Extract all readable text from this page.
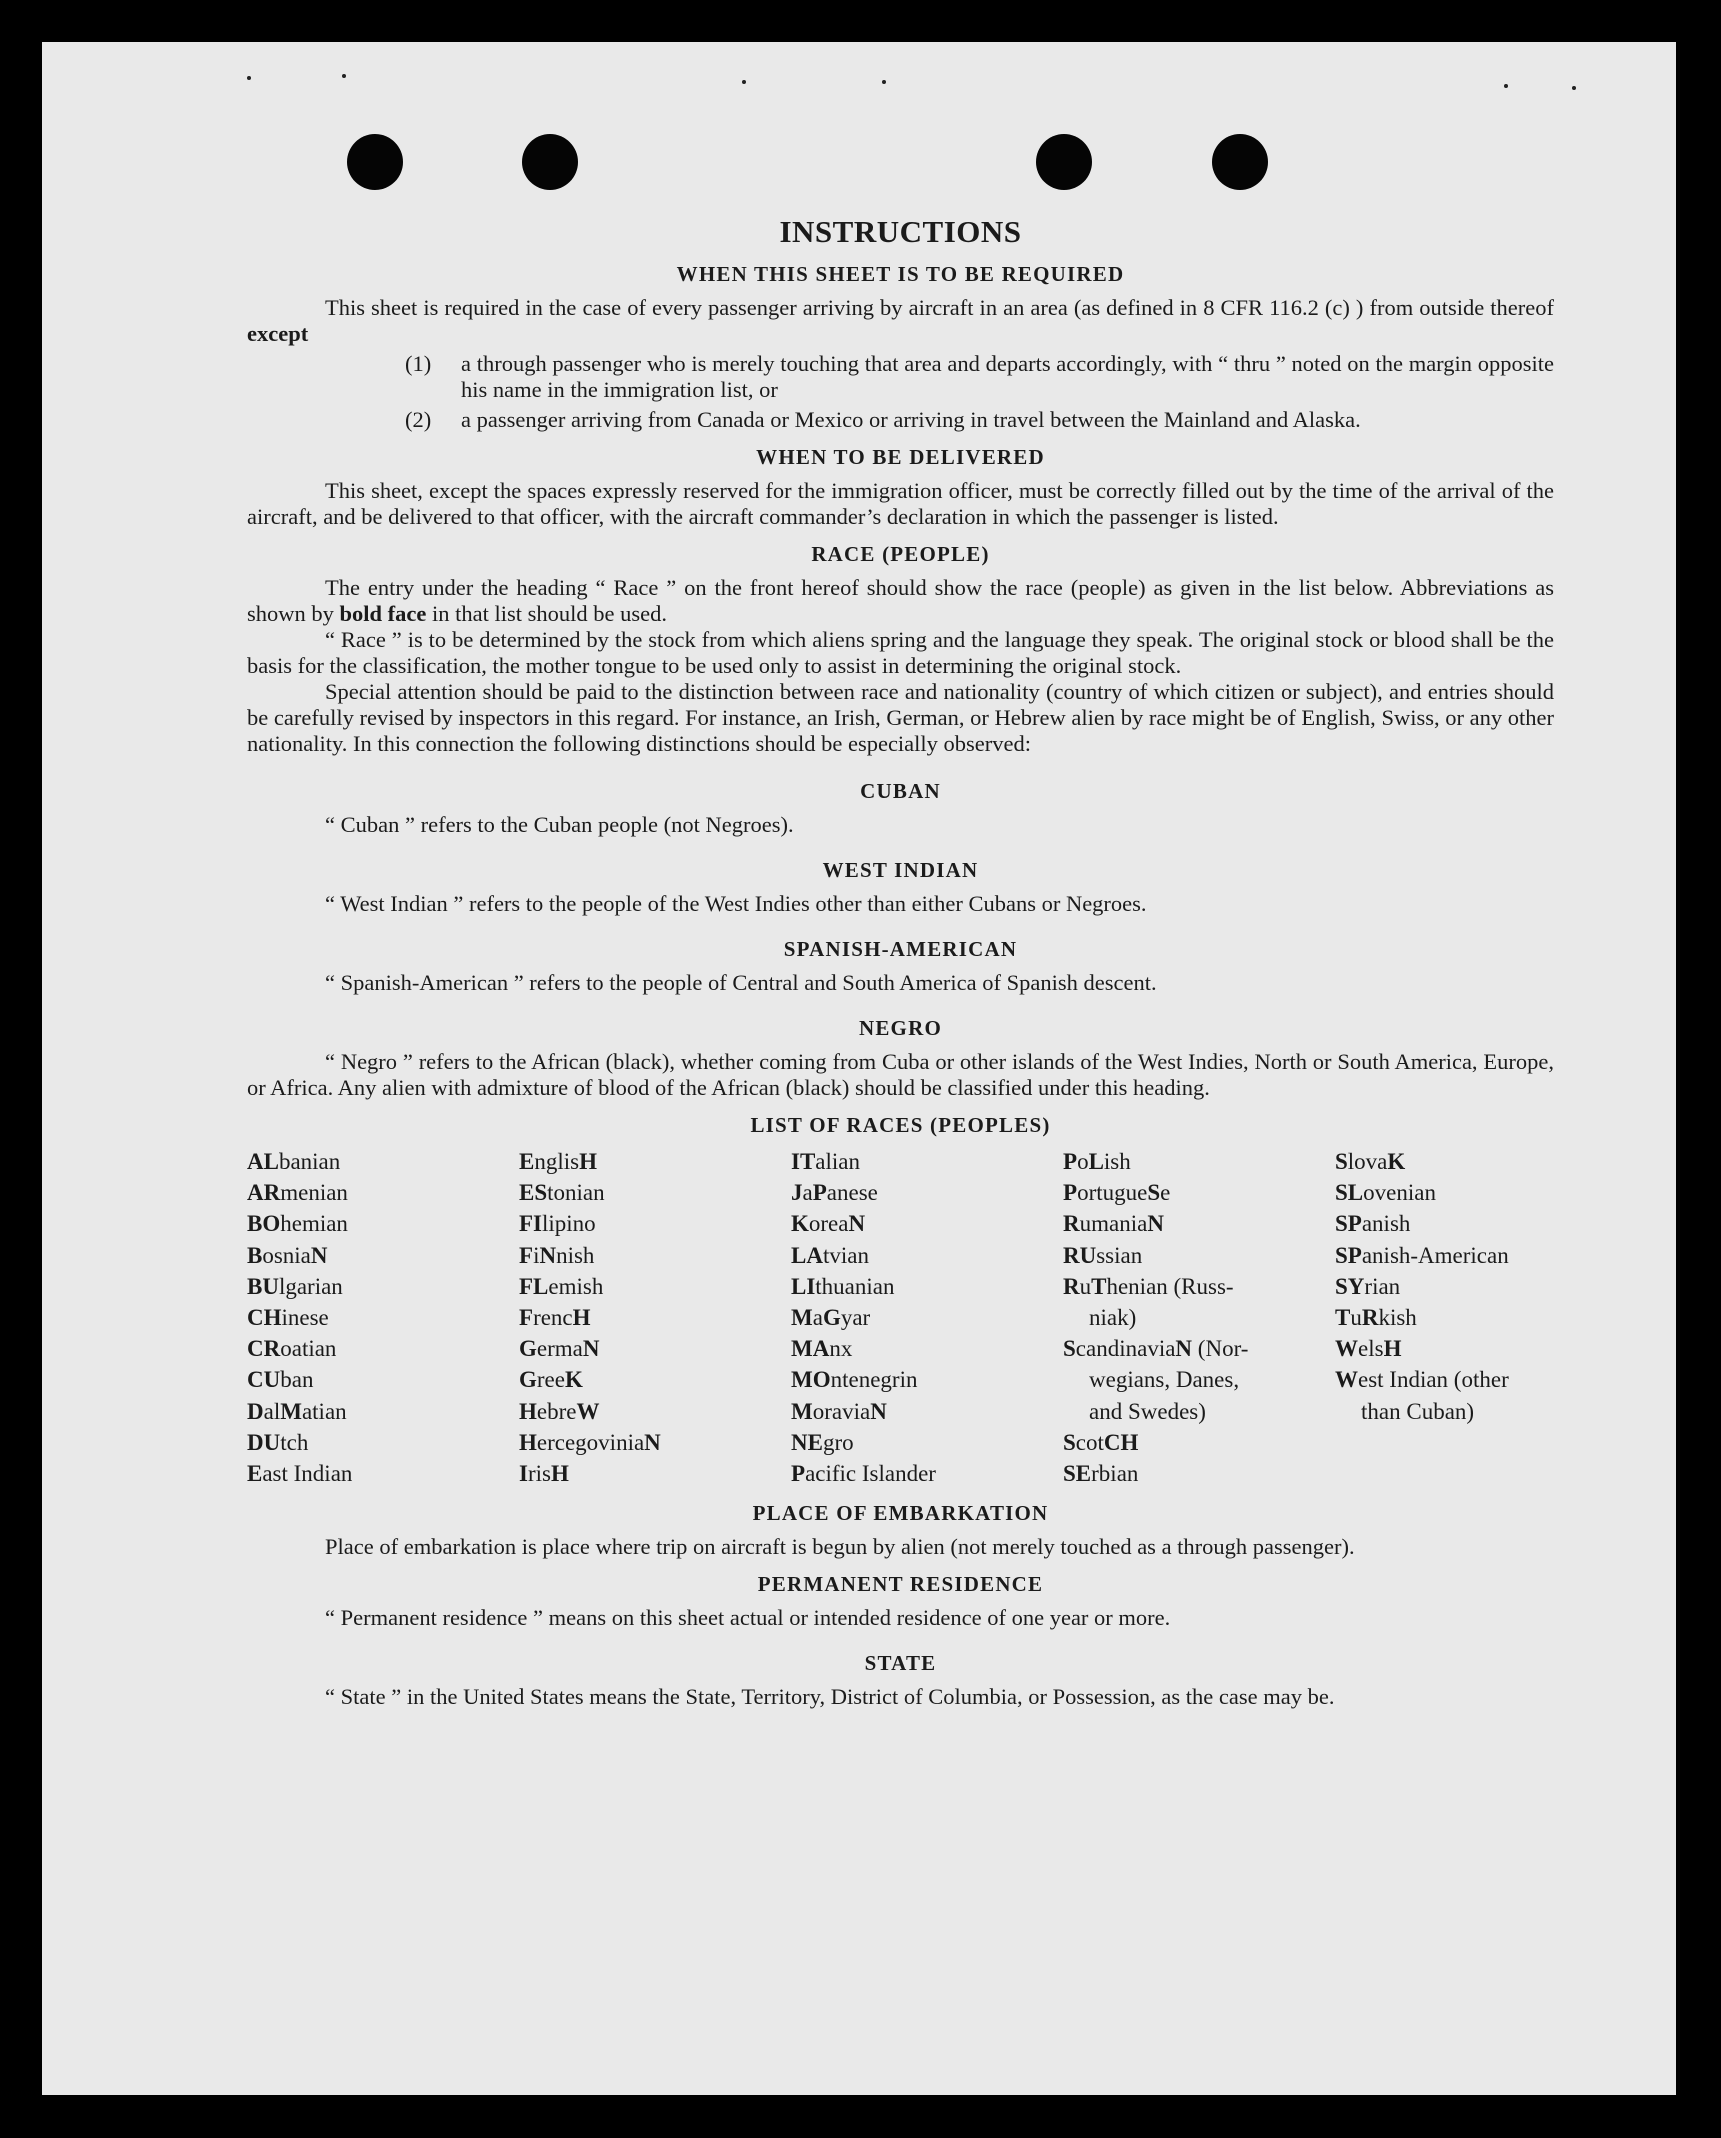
INSTRUCTIONS
WHEN THIS SHEET IS TO BE REQUIRED

This sheet is required in the case of every passenger arriving by aircraft in an area (as defined in 8 CFR 116.2 (c) ) from outside thereof except

(1)	a through passenger who is merely touching that area and departs accordingly, with “ thru ” noted on the margin opposite his name in the immigration list, or
(2)	a passenger arriving from Canada or Mexico or arriving in travel between the Mainland and Alaska.
WHEN TO BE DELIVERED

This sheet, except the spaces expressly reserved for the immigration officer, must be correctly filled out by the time of the arrival of the aircraft, and be delivered to that officer, with the aircraft commander’s declaration in which the passenger is listed.

RACE (PEOPLE)

The entry under the heading “ Race ” on the front hereof should show the race (people) as given in the list below. Abbreviations as shown by bold face in that list should be used.

“ Race ” is to be determined by the stock from which aliens spring and the language they speak. The original stock or blood shall be the basis for the classification, the mother tongue to be used only to assist in determining the original stock.

Special attention should be paid to the distinction between race and nationality (country of which citizen or subject), and entries should be carefully revised by inspectors in this regard. For instance, an Irish, German, or Hebrew alien by race might be of English, Swiss, or any other nationality. In this connection the following distinctions should be especially observed:

CUBAN

“ Cuban ” refers to the Cuban people (not Negroes).

WEST INDIAN

“ West Indian ” refers to the people of the West Indies other than either Cubans or Negroes.

SPANISH-AMERICAN

“ Spanish-American ” refers to the people of Central and South America of Spanish descent.

NEGRO

“ Negro ” refers to the African (black), whether coming from Cuba or other islands of the West Indies, North or South America, Europe, or Africa. Any alien with admixture of blood of the African (black) should be classified under this heading.

LIST OF RACES (PEOPLES)
ALbanian
ARmenian
BOhemian
BosniaN
BUlgarian
CHinese
CRoatian
CUban
DalMatian
DUtch
East Indian
EnglisH
EStonian
FIlipino
FiNnish
FLemish
FrencH
GermaN
GreeK
HebreW
HercegoviniaN
IrisH
ITalian
JaPanese
KoreaN
LAtvian
LIthuanian
MaGyar
MAnx
MOntenegrin
MoraviaN
NEgro
Pacific Islander
PoLish
PortugueSe
RumaniaN
RUssian
RuThenian (Russ-
niak)
ScandinaviaN (Nor-
wegians, Danes,
and Swedes)
ScotCH
SErbian
SlovaK
SLovenian
SPanish
SPanish-American
SYrian
TuRkish
WelsH
West Indian (other
than Cuban)
PLACE OF EMBARKATION

Place of embarkation is place where trip on aircraft is begun by alien (not merely touched as a through passenger).

PERMANENT RESIDENCE

“ Permanent residence ” means on this sheet actual or intended residence of one year or more.

STATE

“ State ” in the United States means the State, Territory, District of Columbia, or Possession, as the case may be.
